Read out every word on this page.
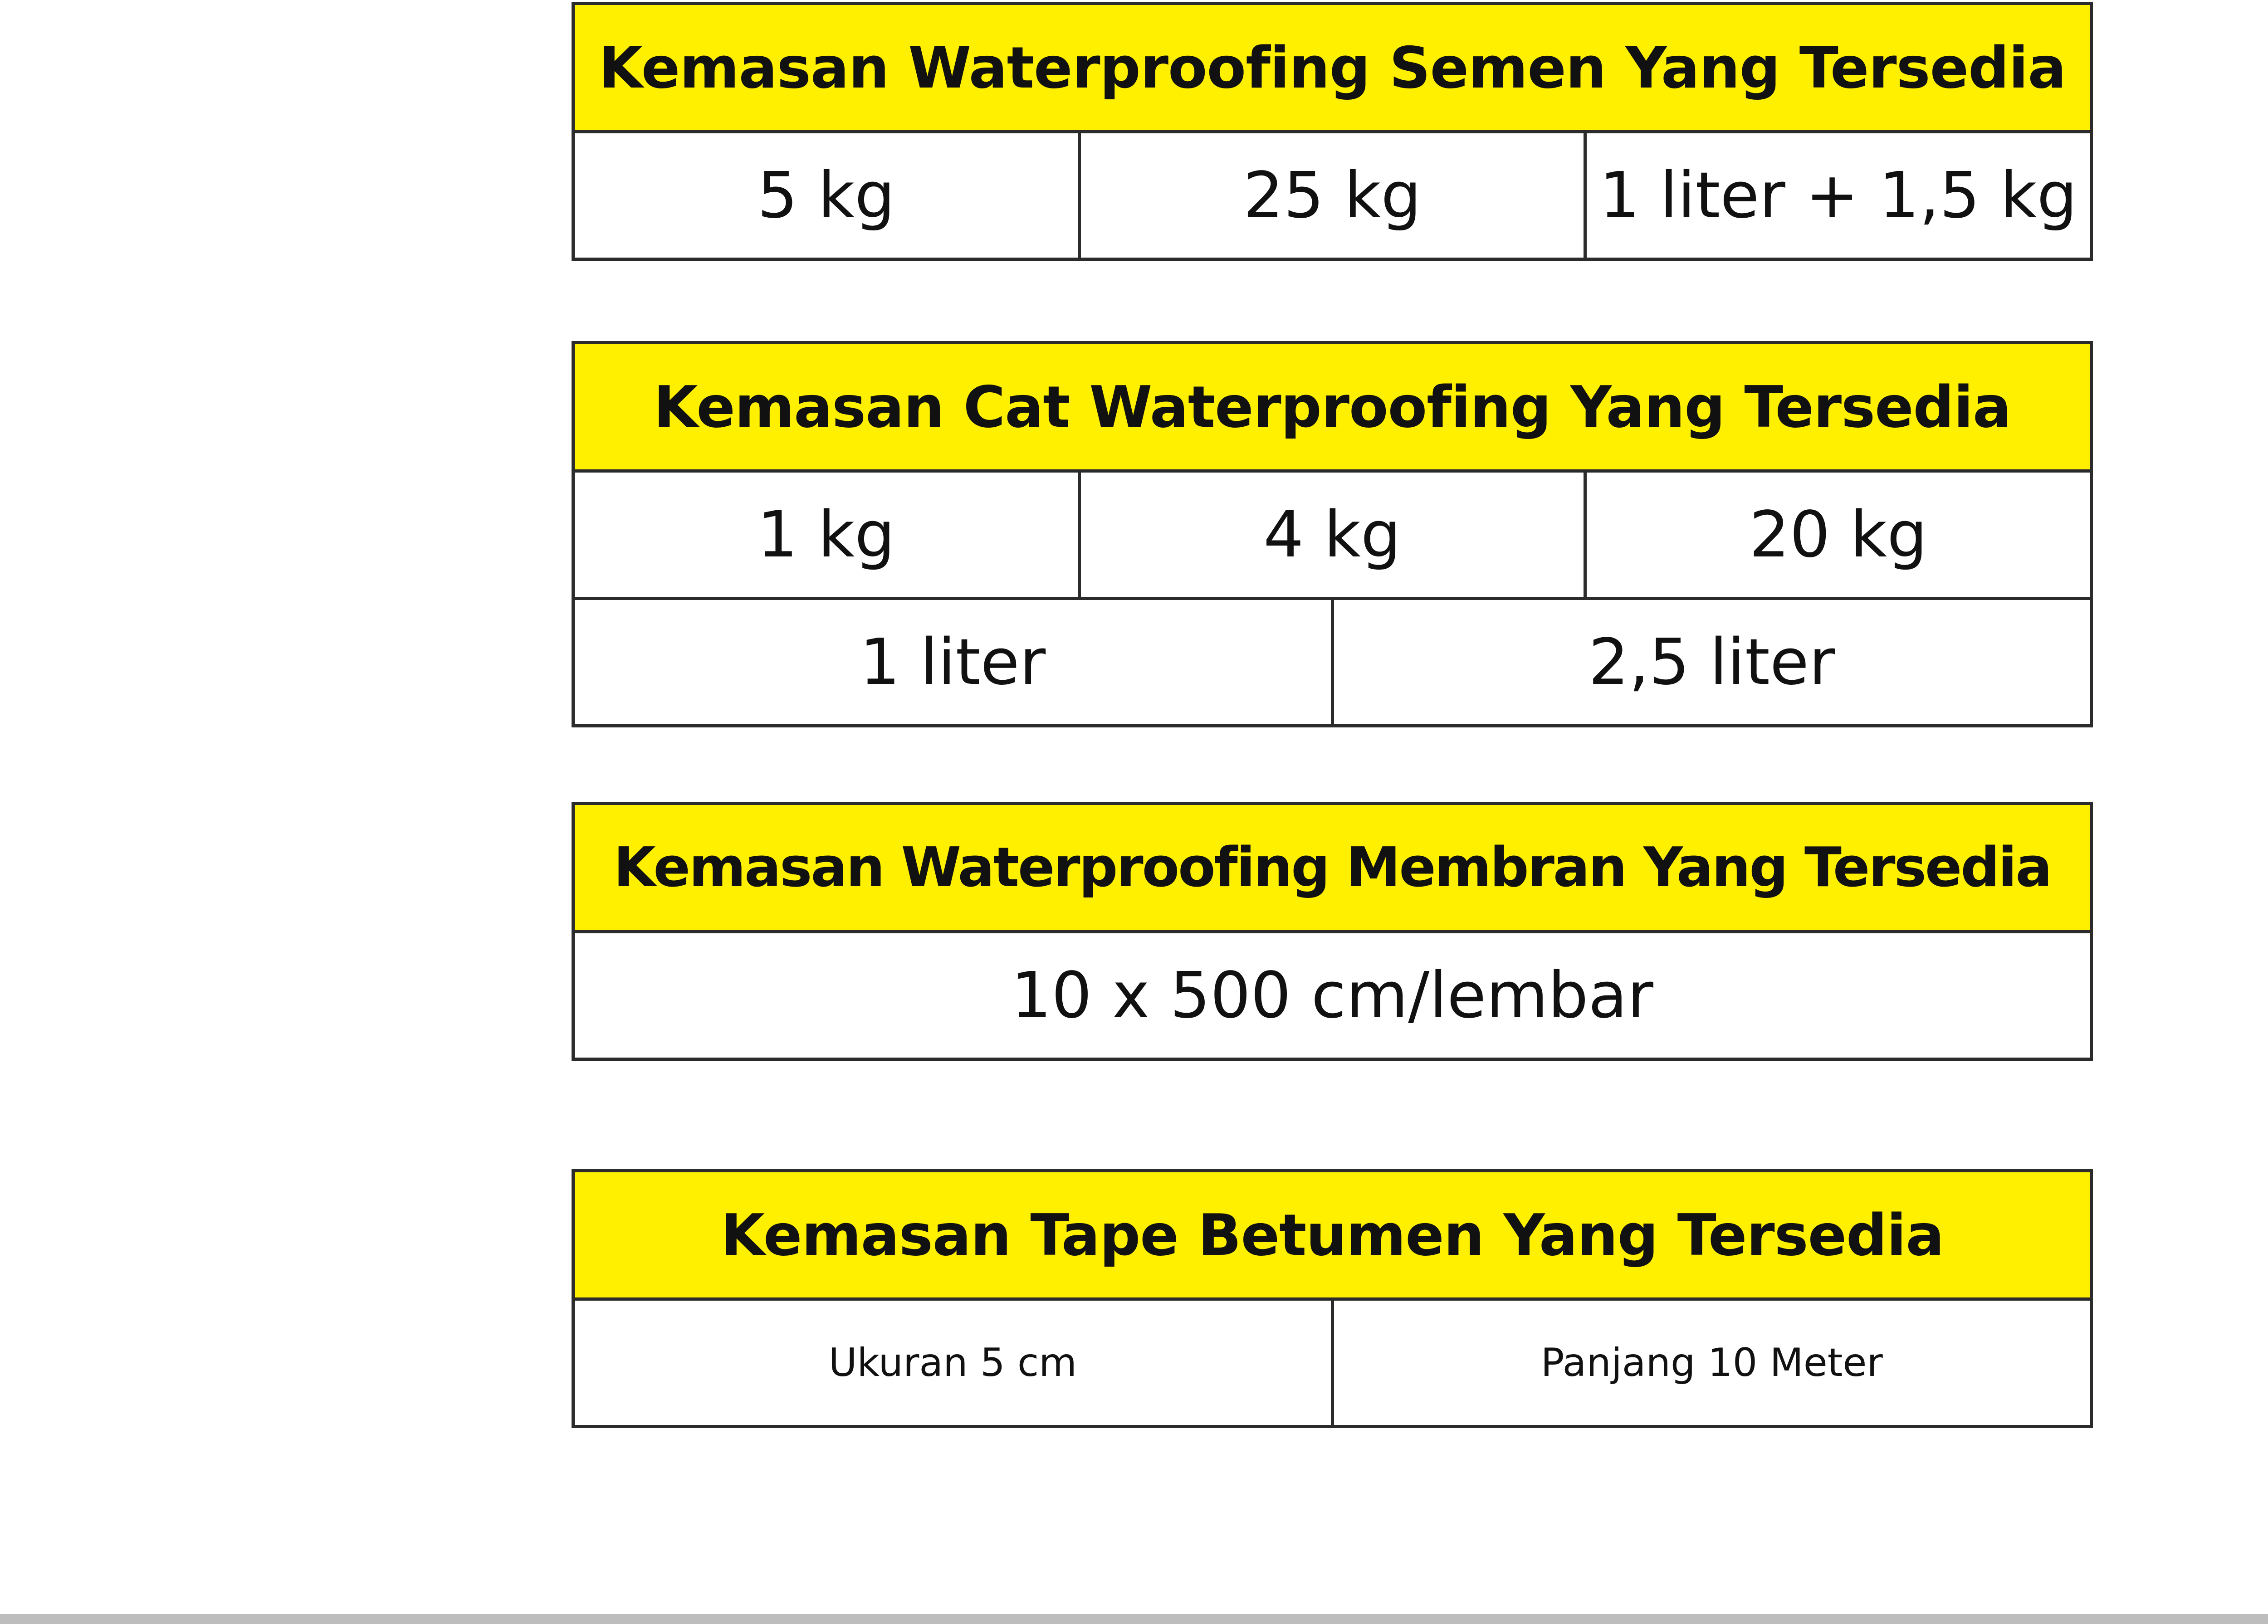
Kemasan Waterproofing Semen Yang Tersedia
5 kg	25 kg	1 liter + 1,5 kg
Kemasan Cat Waterproofing Yang Tersedia
1 kg	4 kg	20 kg
1 liter	2,5 liter
Kemasan Waterproofing Membran Yang Tersedia
10 x 500 cm/lembar
Kemasan Tape Betumen Yang Tersedia
Ukuran 5 cm	Panjang 10 Meter
